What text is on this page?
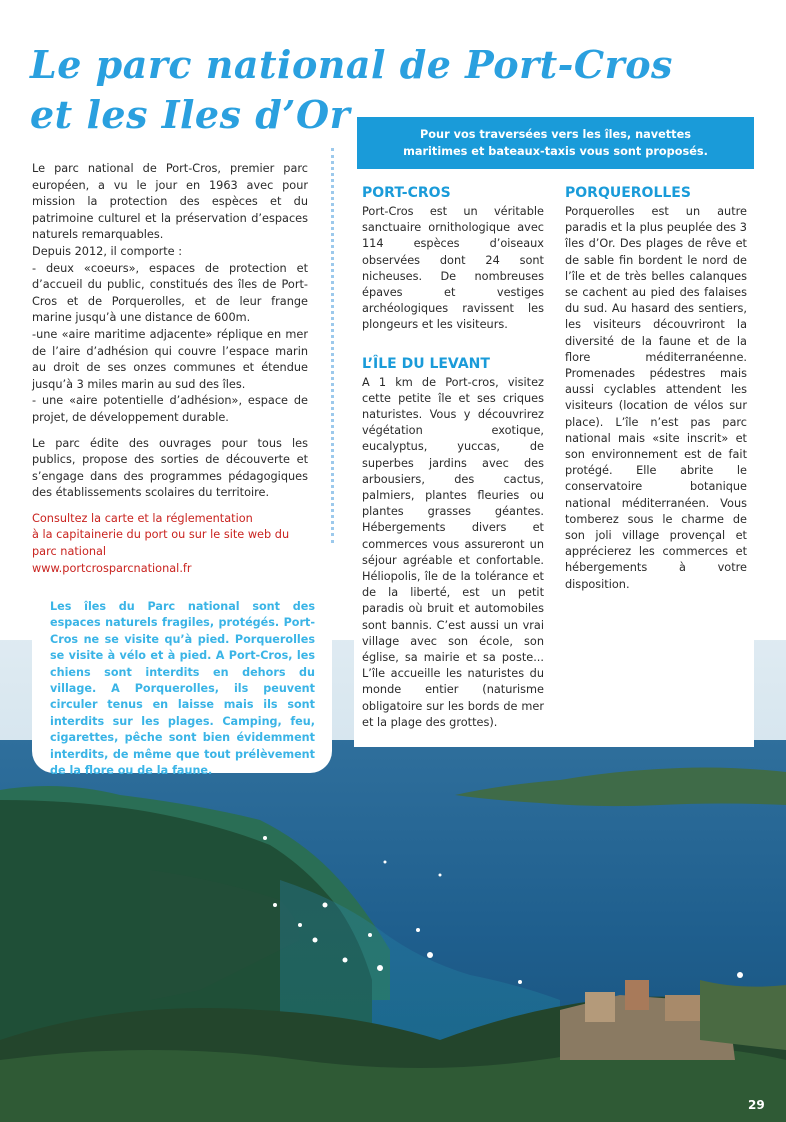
Le parc national de Port-Cros
et les Iles d’Or

Le parc national de Port-Cros, premier parc européen, a vu le jour en 1963 avec pour mission la protection des espèces et du patrimoine culturel et la préservation d’espaces naturels remarquables.

Depuis 2012, il comporte :

- deux «coeurs», espaces de protection et d’accueil du public, constitués des îles de Port-Cros et de Porquerolles, et de leur frange marine jusqu’à une distance de 600m.

-une «aire maritime adjacente» réplique en mer de l’aire d’adhésion qui couvre l’espace marin au droit de ses onzes communes et étendue jusqu’à 3 miles marin au sud des îles.

- une «aire potentielle d’adhésion», espace de projet, de développement durable.

Le parc édite des ouvrages pour tous les publics, propose des sorties de découverte et s’engage dans des programmes pédagogiques des établissements scolaires du territoire.

Consultez la carte et la réglementation

à la capitainerie du port ou sur le site web du parc national

www.portcrosparcnational.fr

Les îles du Parc national sont des espaces naturels fragiles, protégés. Port-Cros ne se visite qu’à pied. Porquerolles se visite à vélo et à pied. A Port-Cros, les chiens sont interdits en dehors du village. A Porquerolles, ils peuvent circuler tenus en laisse mais ils sont interdits sur les plages. Camping, feu, cigarettes, pêche sont bien évidemment interdits, de même que tout prélèvement de la flore ou de la faune.

Pour vos traversées vers les îles, navettes maritimes et bateaux-taxis vous sont proposés.

PORT-CROS

Port-Cros est un véritable sanctuaire ornithologique avec 114 espèces d’oiseaux observées dont 24 sont nicheuses. De nombreuses épaves et vestiges archéologiques ravissent les plongeurs et les visiteurs.

L’ÎLE DU LEVANT

A 1 km de Port-cros, visitez cette petite île et ses criques naturistes. Vous y découvrirez végétation exotique, eucalyptus, yuccas, de superbes jardins avec des arbousiers, des cactus, palmiers, plantes fleuries ou plantes grasses géantes. Hébergements divers et commerces vous assureront un séjour agréable et confortable. Héliopolis, île de la tolérance et de la liberté, est un petit paradis où bruit et automobiles sont bannis. C’est aussi un vrai village avec son école, son église, sa mairie et sa poste... L’île accueille les naturistes du monde entier (naturisme obligatoire sur les bords de mer et la plage des grottes).

PORQUEROLLES

Porquerolles est un autre paradis et la plus peuplée des 3 îles d’Or. Des plages de rêve et de sable fin bordent le nord de l’île et de très belles calanques se cachent au pied des falaises du sud. Au hasard des sentiers, les visiteurs découvriront la diversité de la faune et de la flore méditerranéenne. Promenades pédestres mais aussi cyclables attendent les visiteurs (location de vélos sur place). L’île n’est pas parc national mais «site inscrit» et son environnement est de fait protégé. Elle abrite le conservatoire botanique national méditerranéen. Vous tomberez sous le charme de son joli village provençal et apprécierez les commerces et hébergements à votre disposition.

29
